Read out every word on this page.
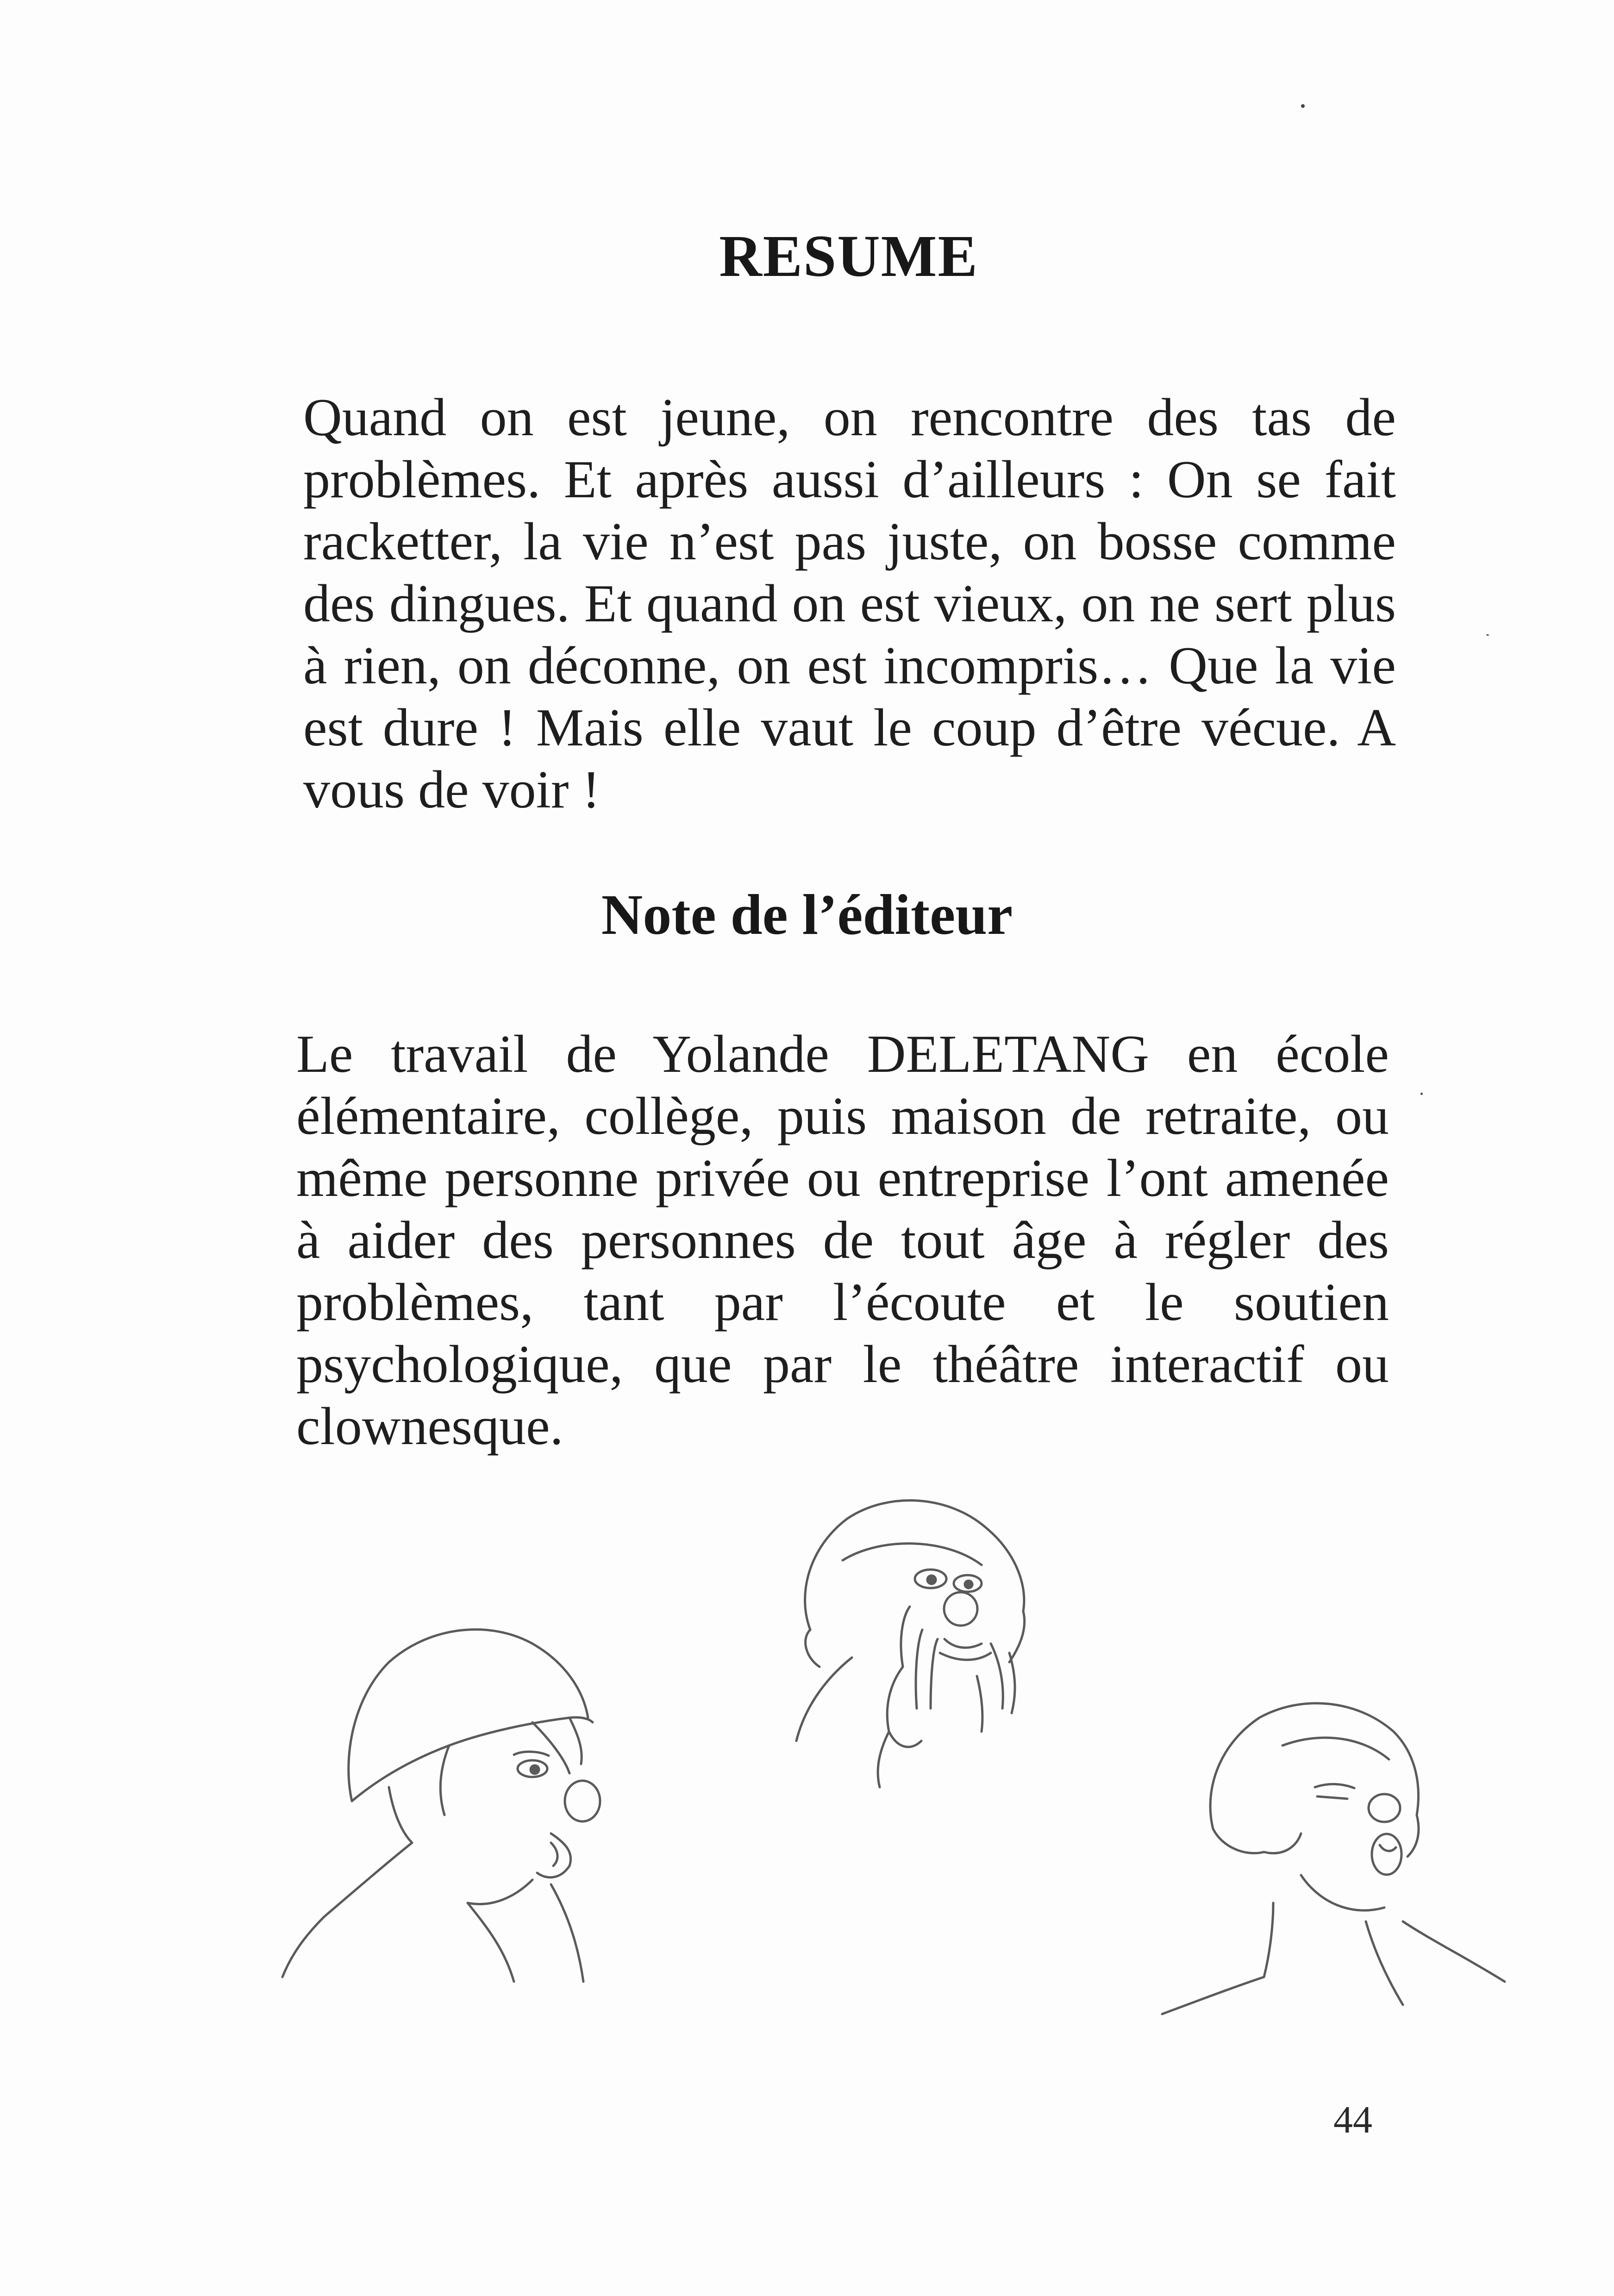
RESUME

Quand on est jeune, on rencontre des tas de problèmes. Et après aussi d’ailleurs : On se fait racketter, la vie n’est pas juste, on bosse comme des dingues. Et quand on est vieux, on ne sert plus à rien, on déconne, on est incompris… Que la vie est dure ! Mais elle vaut le coup d’être vécue. A vous de voir !

Note de l’éditeur

Le travail de Yolande DELETANG en école élémentaire, collège, puis maison de retraite, ou même personne privée ou entreprise l’ont amenée à aider des personnes de tout âge à régler des problèmes, tant par l’écoute et le soutien psychologique, que par le théâtre interactif ou clownesque.

44
